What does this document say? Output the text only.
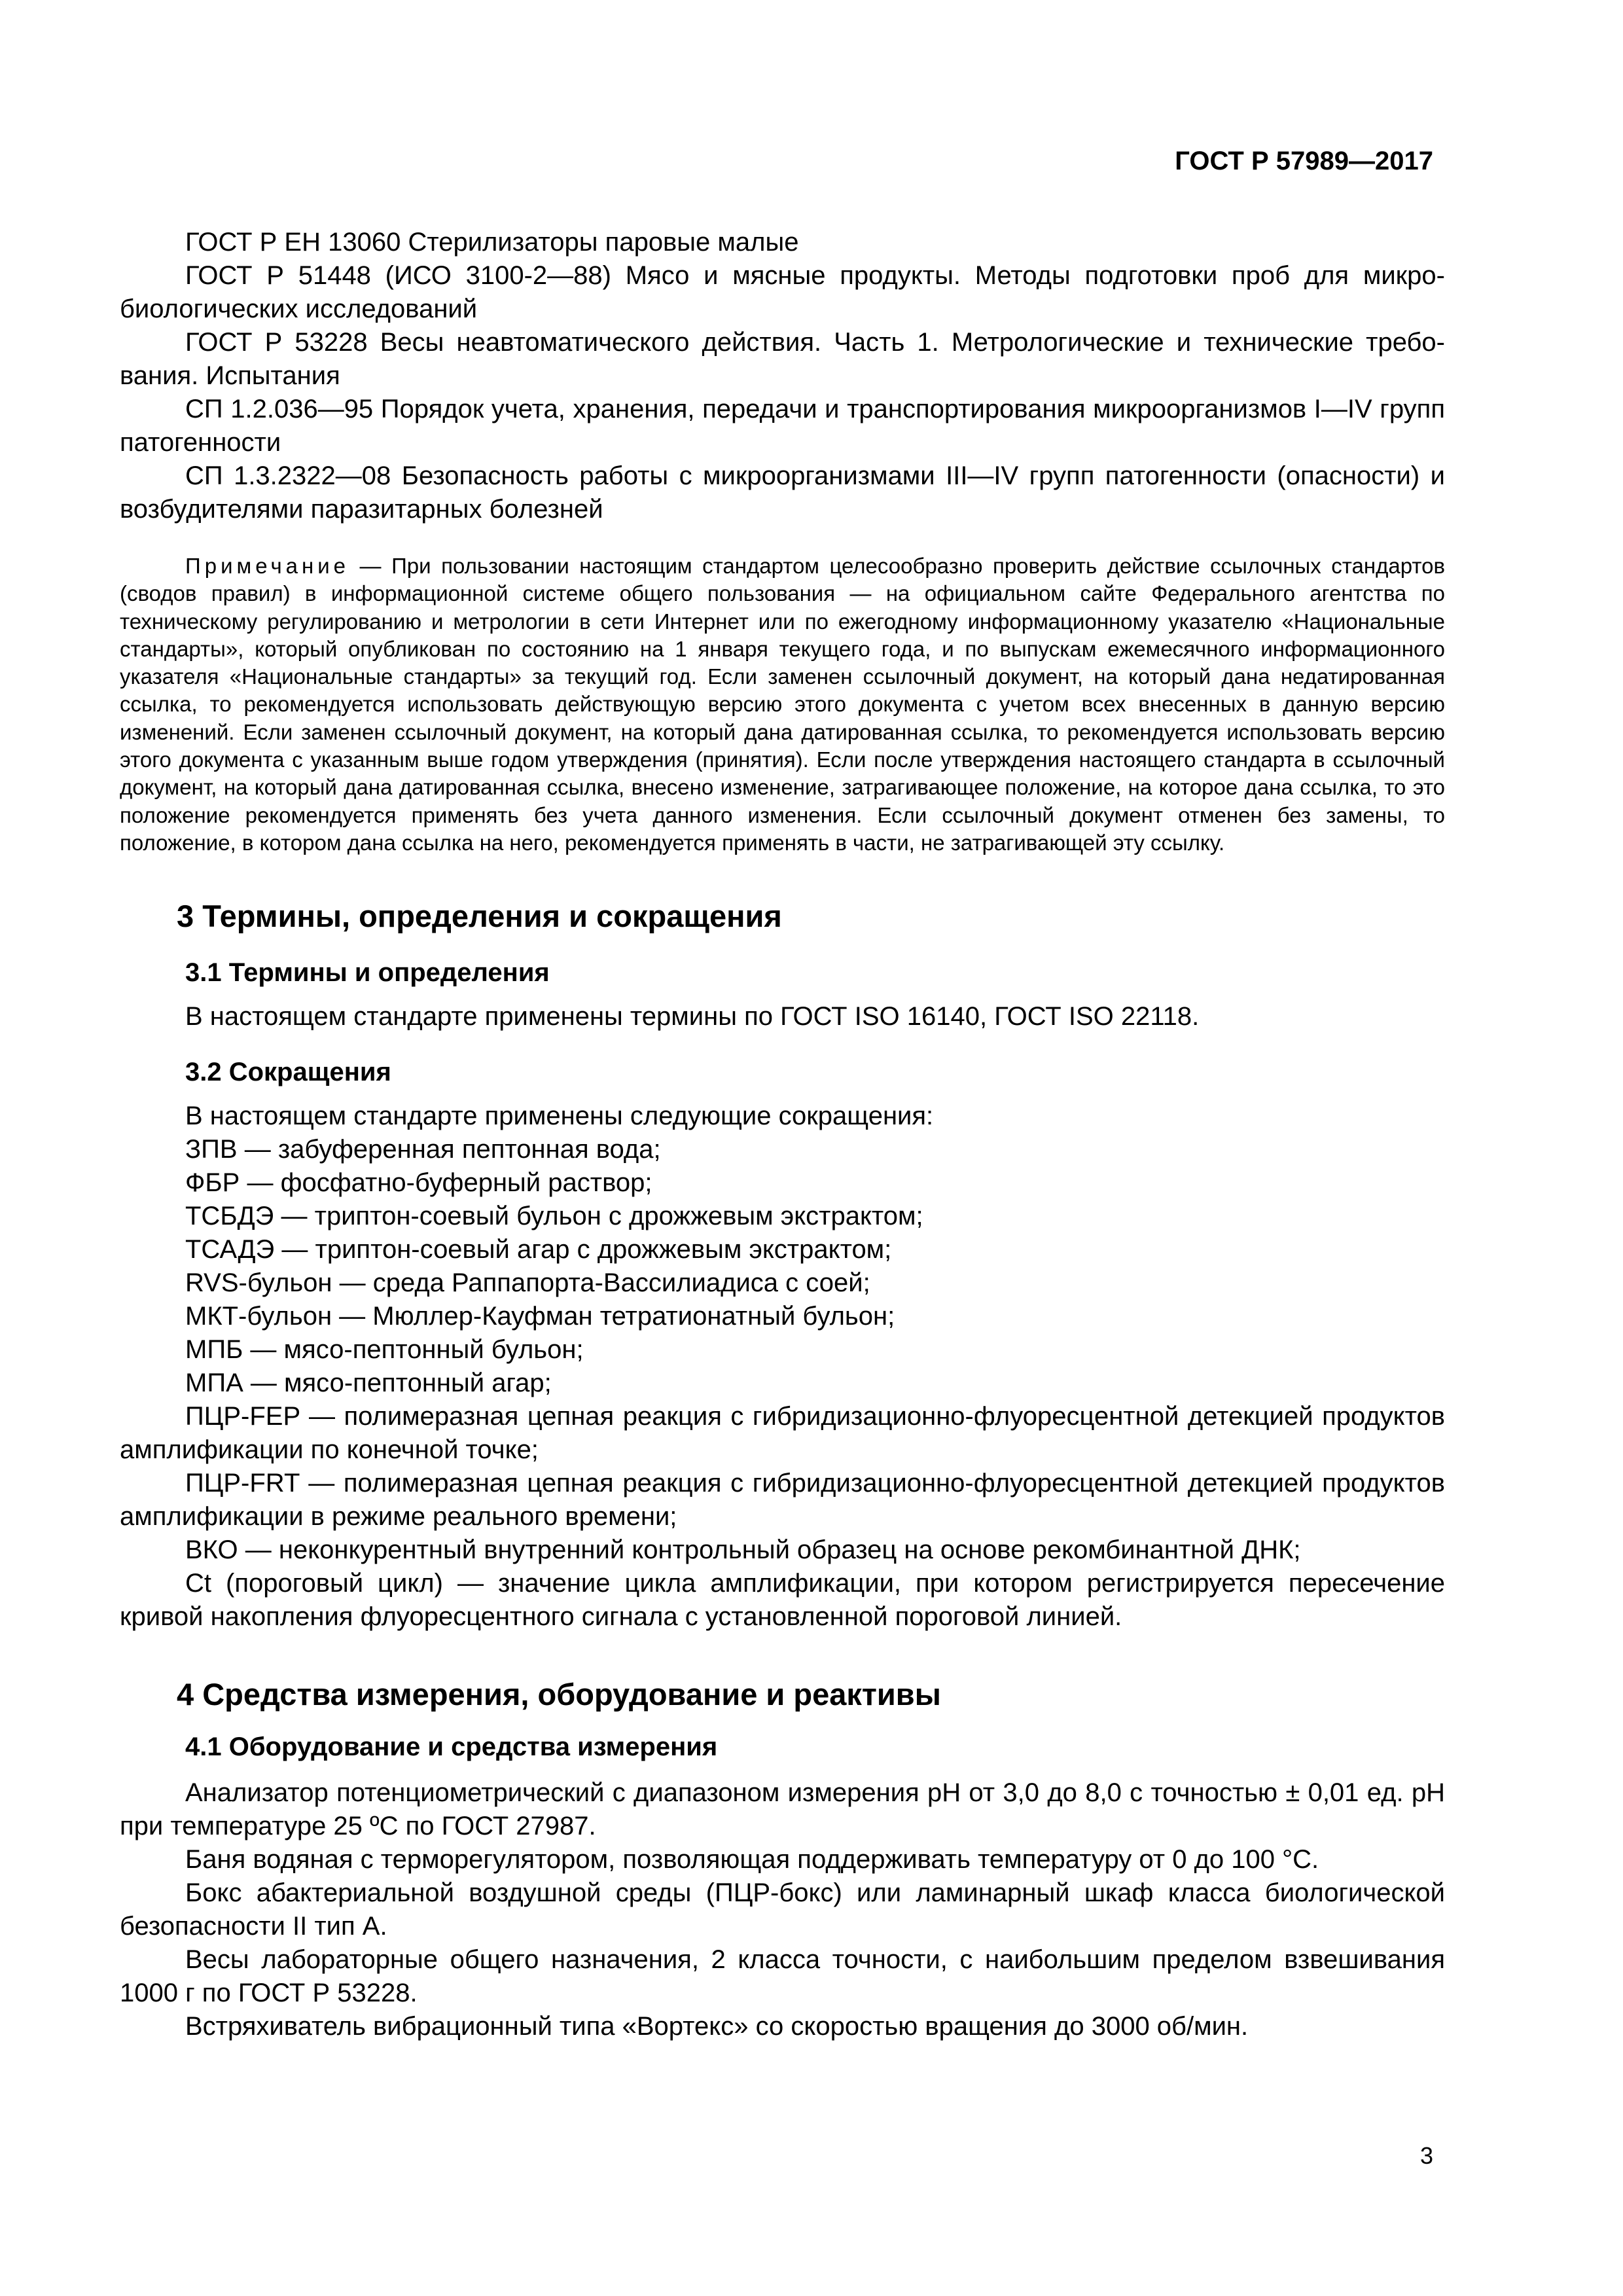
ГОСТ Р 57989—2017

ГОСТ Р ЕН 13060 Стерилизаторы паровые малые

ГОСТ Р 51448 (ИСО 3100-2—88) Мясо и мясные продукты. Методы подготовки проб для микробиологических исследований

ГОСТ Р 53228 Весы неавтоматического действия. Часть 1. Метрологические и технические требования. Испытания

СП 1.2.036—95 Порядок учета, хранения, передачи и транспортирования микроорганизмов I—IV групп патогенности

СП 1.3.2322—08 Безопасность работы с микроорганизмами III—IV групп патогенности (опасности) и возбудителями паразитарных болезней

Примечание — При пользовании настоящим стандартом целесообразно проверить действие ссылочных стандартов (сводов правил) в информационной системе общего пользования — на официальном сайте Федерального агентства по техническому регулированию и метрологии в сети Интернет или по ежегодному информационному указателю «Национальные стандарты», который опубликован по состоянию на 1 января текущего года, и по выпускам ежемесячного информационного указателя «Национальные стандарты» за текущий год. Если заменен ссылочный документ, на который дана недатированная ссылка, то рекомендуется использовать действующую версию этого документа с учетом всех внесенных в данную версию изменений. Если заменен ссылочный документ, на который дана датированная ссылка, то рекомендуется использовать версию этого документа с указанным выше годом утверждения (принятия). Если после утверждения настоящего стандарта в ссылочный документ, на который дана датированная ссылка, внесено изменение, затрагивающее положение, на которое дана ссылка, то это положение рекомендуется применять без учета данного изменения. Если ссылочный документ отменен без замены, то положение, в котором дана ссылка на него, рекомендуется применять в части, не затрагивающей эту ссылку.

3 Термины, определения и сокращения
3.1 Термины и определения

В настоящем стандарте применены термины по ГОСТ ISO 16140, ГОСТ ISO 22118.

3.2 Сокращения

В настоящем стандарте применены следующие сокращения:

ЗПВ — забуференная пептонная вода;

ФБР — фосфатно-буферный раствор;

ТСБДЭ — триптон-соевый бульон с дрожжевым экстрактом;

ТСАДЭ — триптон-соевый агар с дрожжевым экстрактом;

RVS-бульон — среда Раппапорта-Вассилиадиса с соей;

МКТ-бульон — Мюллер-Кауфман тетратионатный бульон;

МПБ — мясо-пептонный бульон;

МПА — мясо-пептонный агар;

ПЦР-FEP — полимеразная цепная реакция с гибридизационно-флуоресцентной детекцией продуктов амплификации по конечной точке;

ПЦР-FRT — полимеразная цепная реакция с гибридизационно-флуоресцентной детекцией продуктов амплификации в режиме реального времени;

ВКО — неконкурентный внутренний контрольный образец на основе рекомбинантной ДНК;

Ct (пороговый цикл) — значение цикла амплификации, при котором регистрируется пересечение кривой накопления флуоресцентного сигнала с установленной пороговой линией.

4 Средства измерения, оборудование и реактивы
4.1 Оборудование и средства измерения

Анализатор потенциометрический с диапазоном измерения pH от 3,0 до 8,0 с точностью ± 0,01 ед. pH при температуре 25 ºС по ГОСТ 27987.

Баня водяная с терморегулятором, позволяющая поддерживать температуру от 0 до 100 °С.

Бокс абактериальной воздушной среды (ПЦР-бокс) или ламинарный шкаф класса биологической безопасности II тип А.

Весы лабораторные общего назначения, 2 класса точности, с наибольшим пределом взвешивания 1000 г по ГОСТ Р 53228.

Встряхиватель вибрационный типа «Вортекс» со скоростью вращения до 3000 об/мин.

3
